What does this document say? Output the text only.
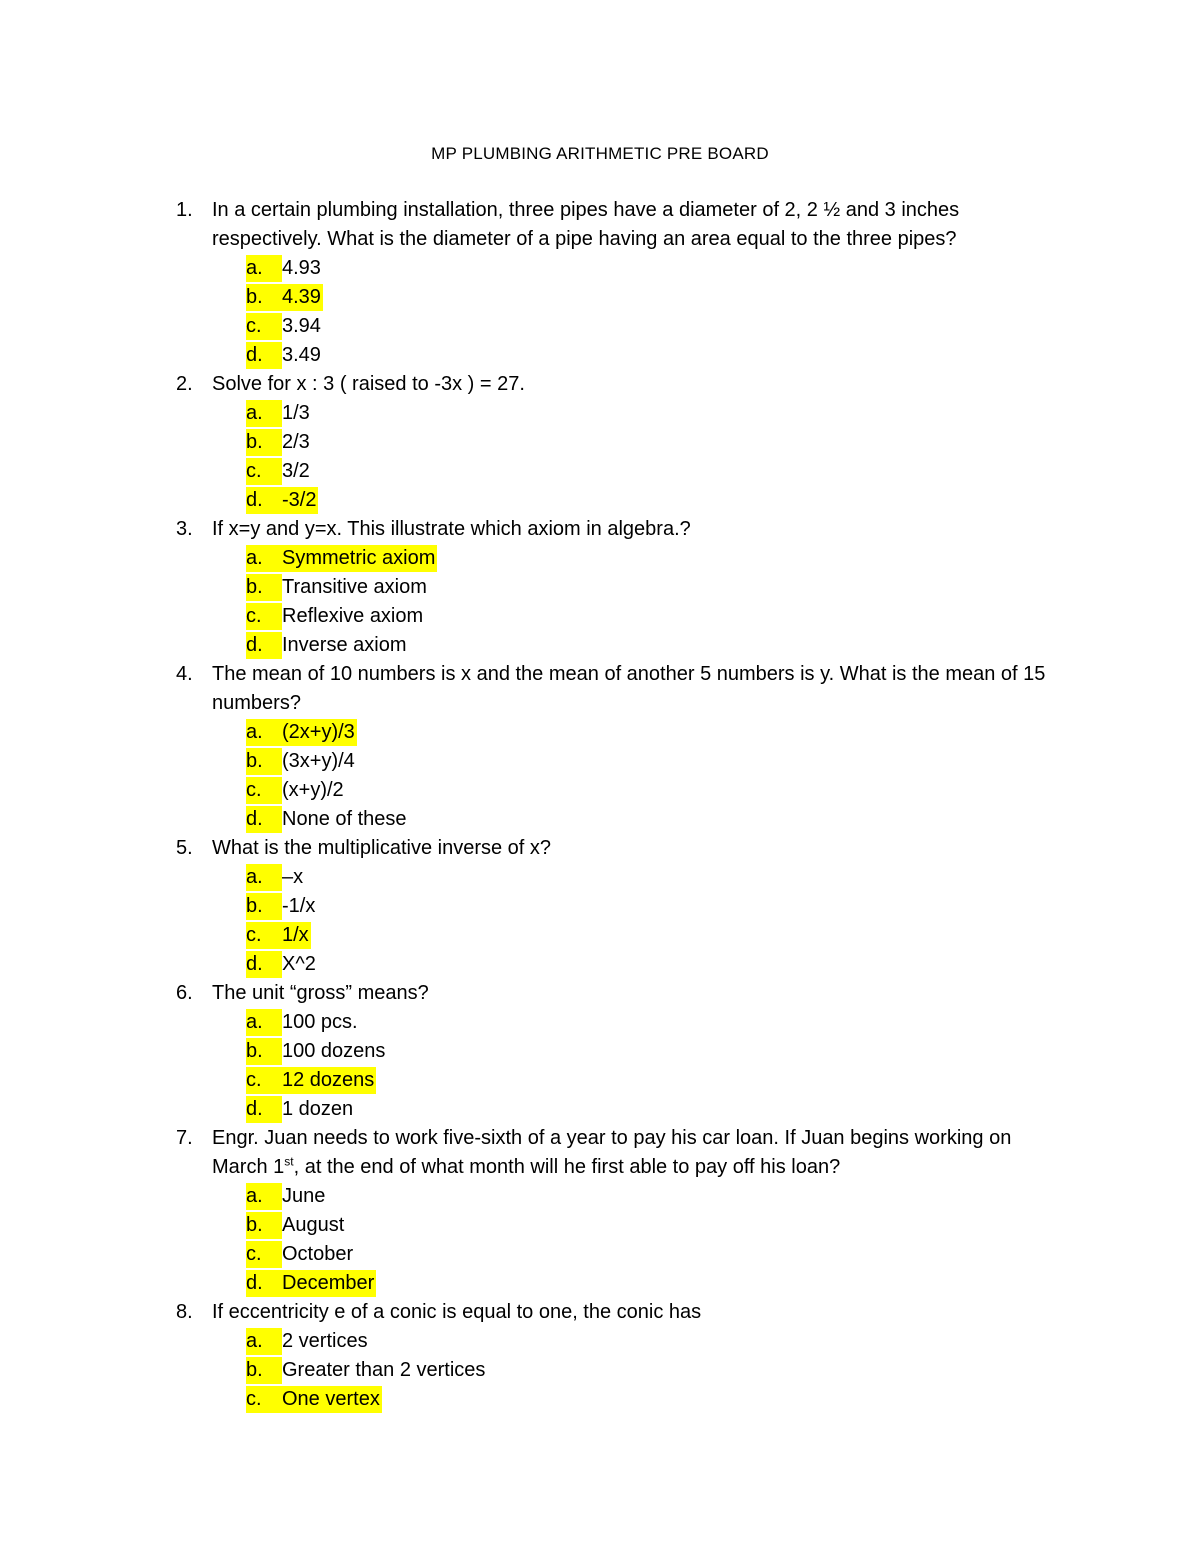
MP PLUMBING ARITHMETIC PRE BOARD
1. In a certain plumbing installation, three pipes have a diameter of 2, 2 ½ and 3 inches respectively. What is the diameter of a pipe having an area equal to the three pipes?
a. 4.93
b. 4.39
c. 3.94
d. 3.49
2. Solve for x : 3 ( raised to -3x ) = 27.
a. 1/3
b. 2/3
c. 3/2
d. -3/2
3. If x=y and y=x. This illustrate which axiom in algebra.?
a. Symmetric axiom
b. Transitive axiom
c. Reflexive axiom
d. Inverse axiom
4. The mean of 10 numbers is x and the mean of another 5 numbers is y. What is the mean of 15 numbers?
a. (2x+y)/3
b. (3x+y)/4
c. (x+y)/2
d. None of these
5. What is the multiplicative inverse of x?
a. –x
b. -1/x
c. 1/x
d. X^2
6. The unit “gross” means?
a. 100 pcs.
b. 100 dozens
c. 12 dozens
d. 1 dozen
7. Engr. Juan needs to work five-sixth of a year to pay his car loan. If Juan begins working on March 1st, at the end of what month will he first able to pay off his loan?
a. June
b. August
c. October
d. December
8. If eccentricity e of a conic is equal to one, the conic has
a. 2 vertices
b. Greater than 2 vertices
c. One vertex
